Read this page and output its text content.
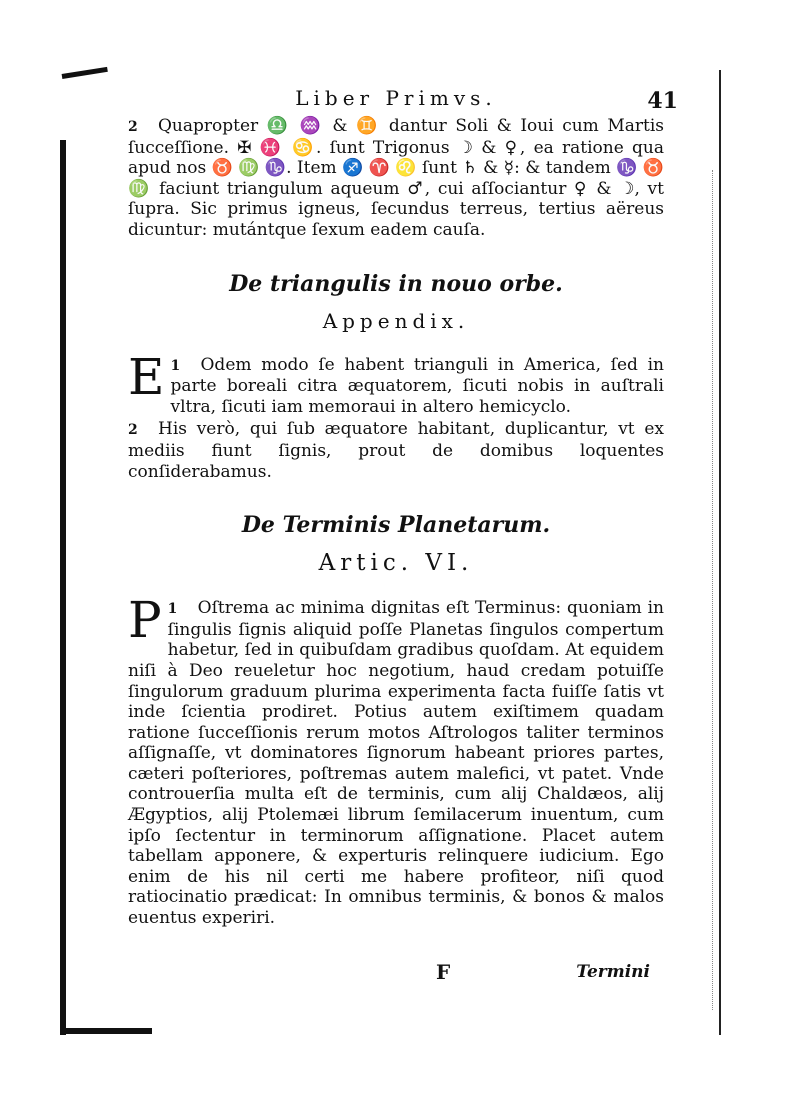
Liber Primvs.	41

2 Quapropter ♎ ♒ & ♊ dantur Soli & Ioui cum Martis ſucceſſione. ✠ ♓ ♋. ſunt Trigonus ☽ & ♀, ea ratione qua apud nos ♉ ♍ ♑. Item ♐ ♈ ♌ ſunt ♄ & ☿: & tandem ♑ ♉ ♍ faciunt triangulum aqueum ♂, cui aſſociantur ♀ & ☽, vt ſupra. Sic primus igneus, ſecundus terreus, tertius aëreus dicuntur: mutántque ſexum eadem cauſa.

De triangulis in nouo orbe.
Appendix.

1
E Odem modo ſe habent trianguli in America, ſed in parte boreali citra æquatorem, ſicuti nobis in auſtrali vltra, ſicuti iam memoraui in altero hemicyclo.

2 His verò, qui ſub æquatore habitant, duplicantur, vt ex mediis fiunt ſignis, prout de domibus loquentes conſiderabamus.

De Terminis Planetarum.
Artic. VI.

1
P Oſtrema ac minima dignitas eſt Terminus: quoniam in ſingulis ſignis aliquid poſſe Planetas ſingulos compertum habetur, ſed in quibuſdam gradibus quoſdam. At equidem niſi à Deo reueletur hoc negotium, haud credam potuiſſe ſingulorum graduum plurima experimenta facta fuiſſe ſatis vt inde ſcientia prodiret. Potius autem exiſtimem quadam ratione ſucceſſionis rerum motos Aſtrologos taliter terminos aſſignaſſe, vt dominatores ſignorum habeant priores partes, cæteri poſteriores, poſtremas autem malefici, vt patet. Vnde controuerſia multa eſt de terminis, cum alij Chaldæos, alij Ægyptios, alij Ptolemæi librum ſemilacerum inuentum, cum ipſo ſectentur in terminorum aſſignatione. Placet autem tabellam apponere, & experturis relinquere iudicium. Ego enim de his nil certi me habere profiteor, niſi quod ratiocinatio prædicat: In omnibus terminis, & bonos & malos euentus experiri.

F	Termini
